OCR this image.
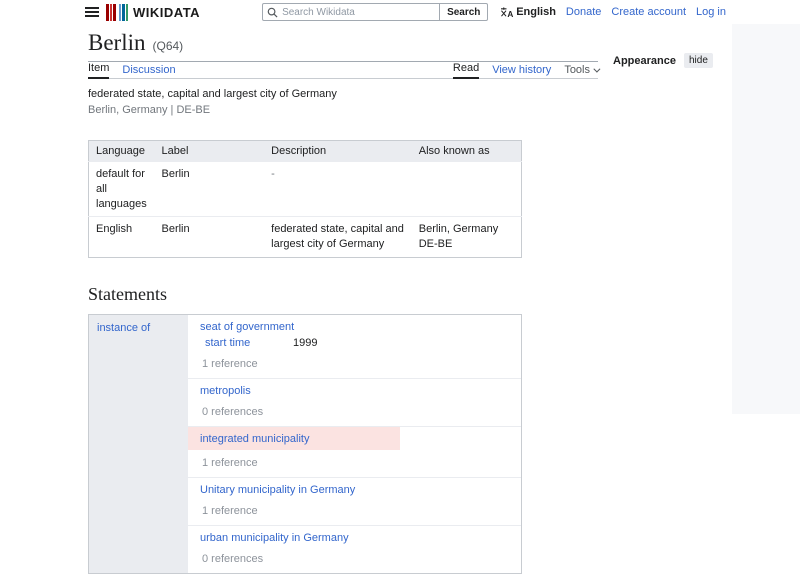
WIKIDATA
Search Wikidata	Search	A English Donate Create account Log in
Appearance	hide
Berlin (Q64)
Item Discussion	Read View history Tools
federated state, capital and largest city of Germany
Berlin, Germany | DE-BE
Language	Label	Description	Also known as
default for all languages	Berlin	-	
English	Berlin	federated state, capital and largest city of Germany	Berlin, Germany
DE-BE
Statements
instance of	seat of government
start time	1999
1 reference
metropolis
0 references
integrated municipality
1 reference
Unitary municipality in Germany
1 reference
urban municipality in Germany
0 references
